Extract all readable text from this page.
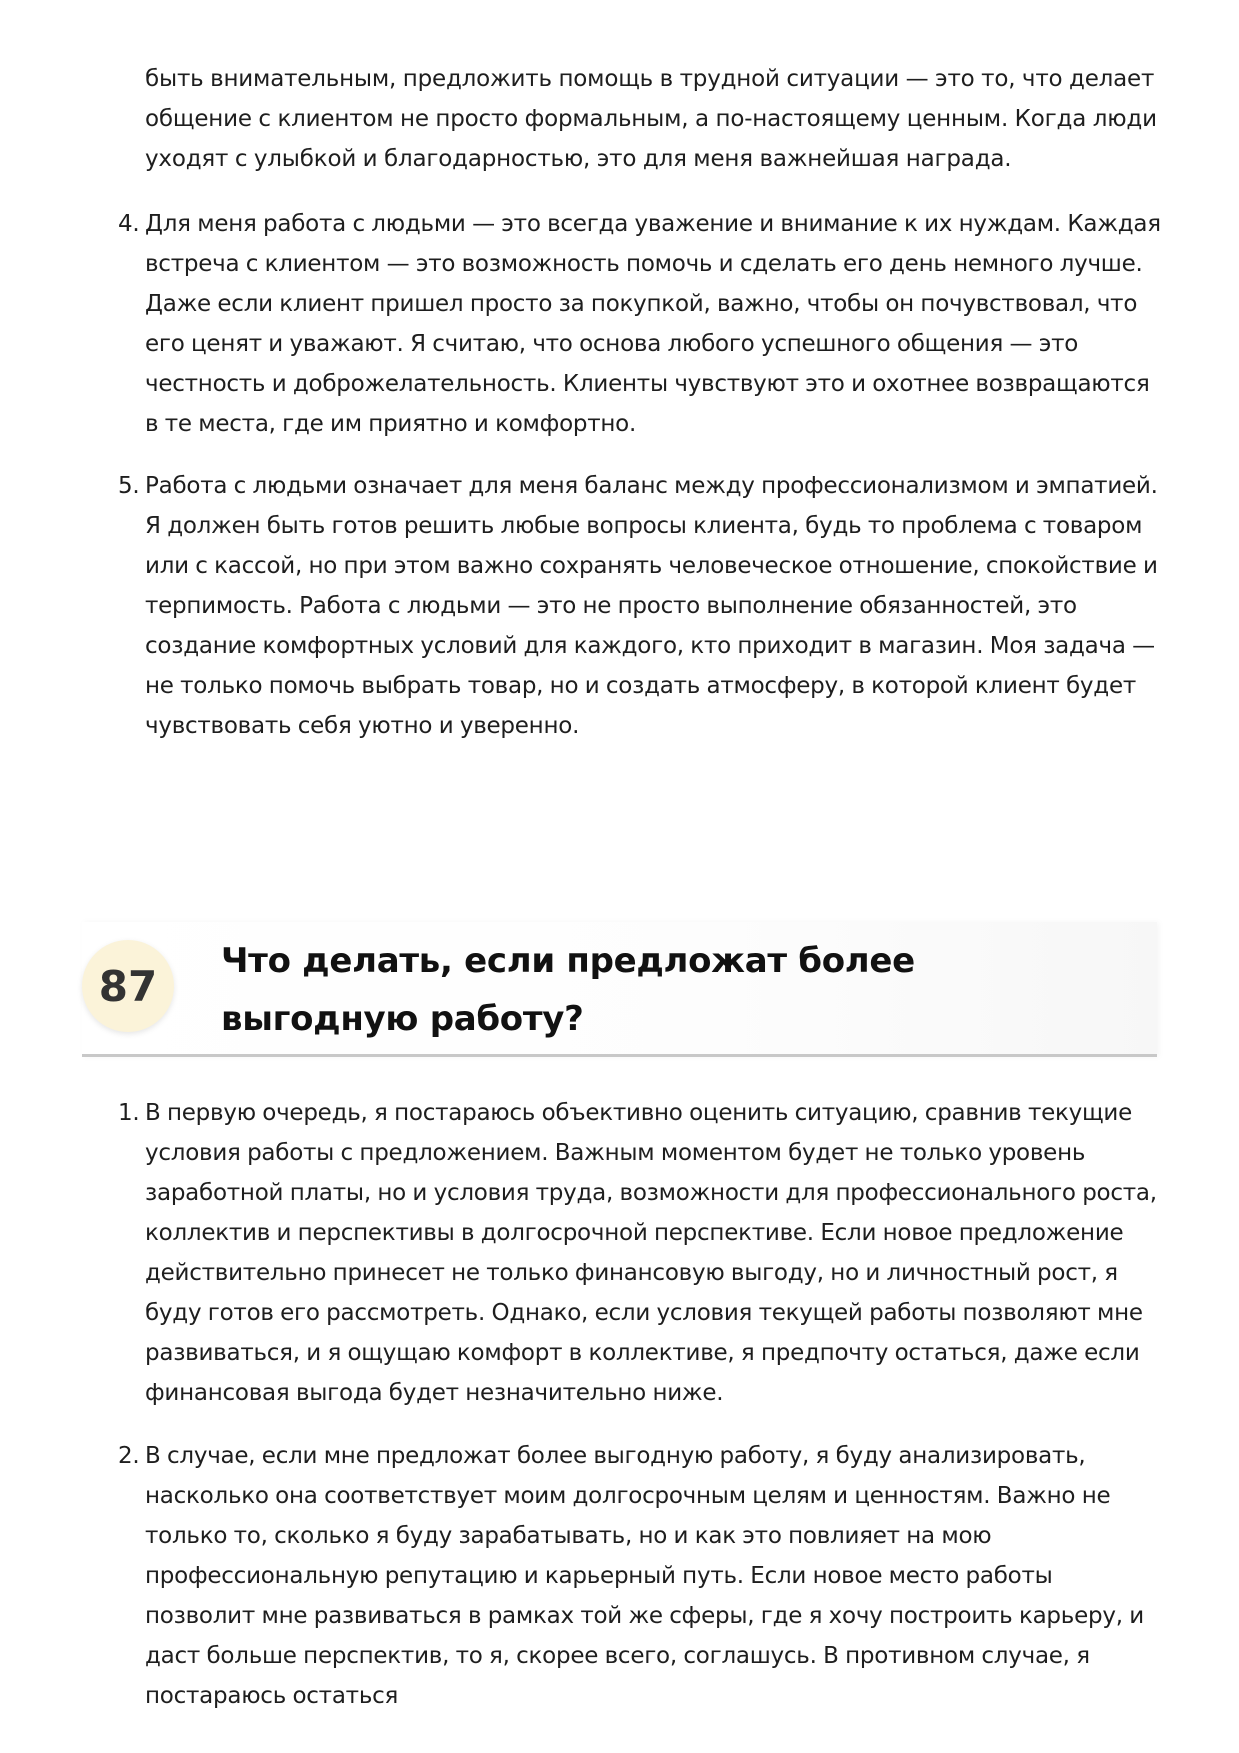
быть внимательным, предложить помощь в трудной ситуации — это то, что делает общение с клиентом не просто формальным, а по-настоящему ценным. Когда люди уходят с улыбкой и благодарностью, это для меня важнейшая награда.

4. Для меня работа с людьми — это всегда уважение и внимание к их нуждам. Каждая встреча с клиентом — это возможность помочь и сделать его день немного лучше. Даже если клиент пришел просто за покупкой, важно, чтобы он почувствовал, что его ценят и уважают. Я считаю, что основа любого успешного общения — это честность и доброжелательность. Клиенты чувствуют это и охотнее возвращаются в те места, где им приятно и комфортно.
5. Работа с людьми означает для меня баланс между профессионализмом и эмпатией. Я должен быть готов решить любые вопросы клиента, будь то проблема с товаром или с кассой, но при этом важно сохранять человеческое отношение, спокойствие и терпимость. Работа с людьми — это не просто выполнение обязанностей, это создание комфортных условий для каждого, кто приходит в магазин. Моя задача — не только помочь выбрать товар, но и создать атмосферу, в которой клиент будет чувствовать себя уютно и уверенно.
87
Что делать, если предложат более выгодную работу?
1. В первую очередь, я постараюсь объективно оценить ситуацию, сравнив текущие условия работы с предложением. Важным моментом будет не только уровень заработной платы, но и условия труда, возможности для профессионального роста, коллектив и перспективы в долгосрочной перспективе. Если новое предложение действительно принесет не только финансовую выгоду, но и личностный рост, я буду готов его рассмотреть. Однако, если условия текущей работы позволяют мне развиваться, и я ощущаю комфорт в коллективе, я предпочту остаться, даже если финансовая выгода будет незначительно ниже.
2. В случае, если мне предложат более выгодную работу, я буду анализировать, насколько она соответствует моим долгосрочным целям и ценностям. Важно не только то, сколько я буду зарабатывать, но и как это повлияет на мою профессиональную репутацию и карьерный путь. Если новое место работы позволит мне развиваться в рамках той же сферы, где я хочу построить карьеру, и даст больше перспектив, то я, скорее всего, соглашусь. В противном случае, я постараюсь остаться
